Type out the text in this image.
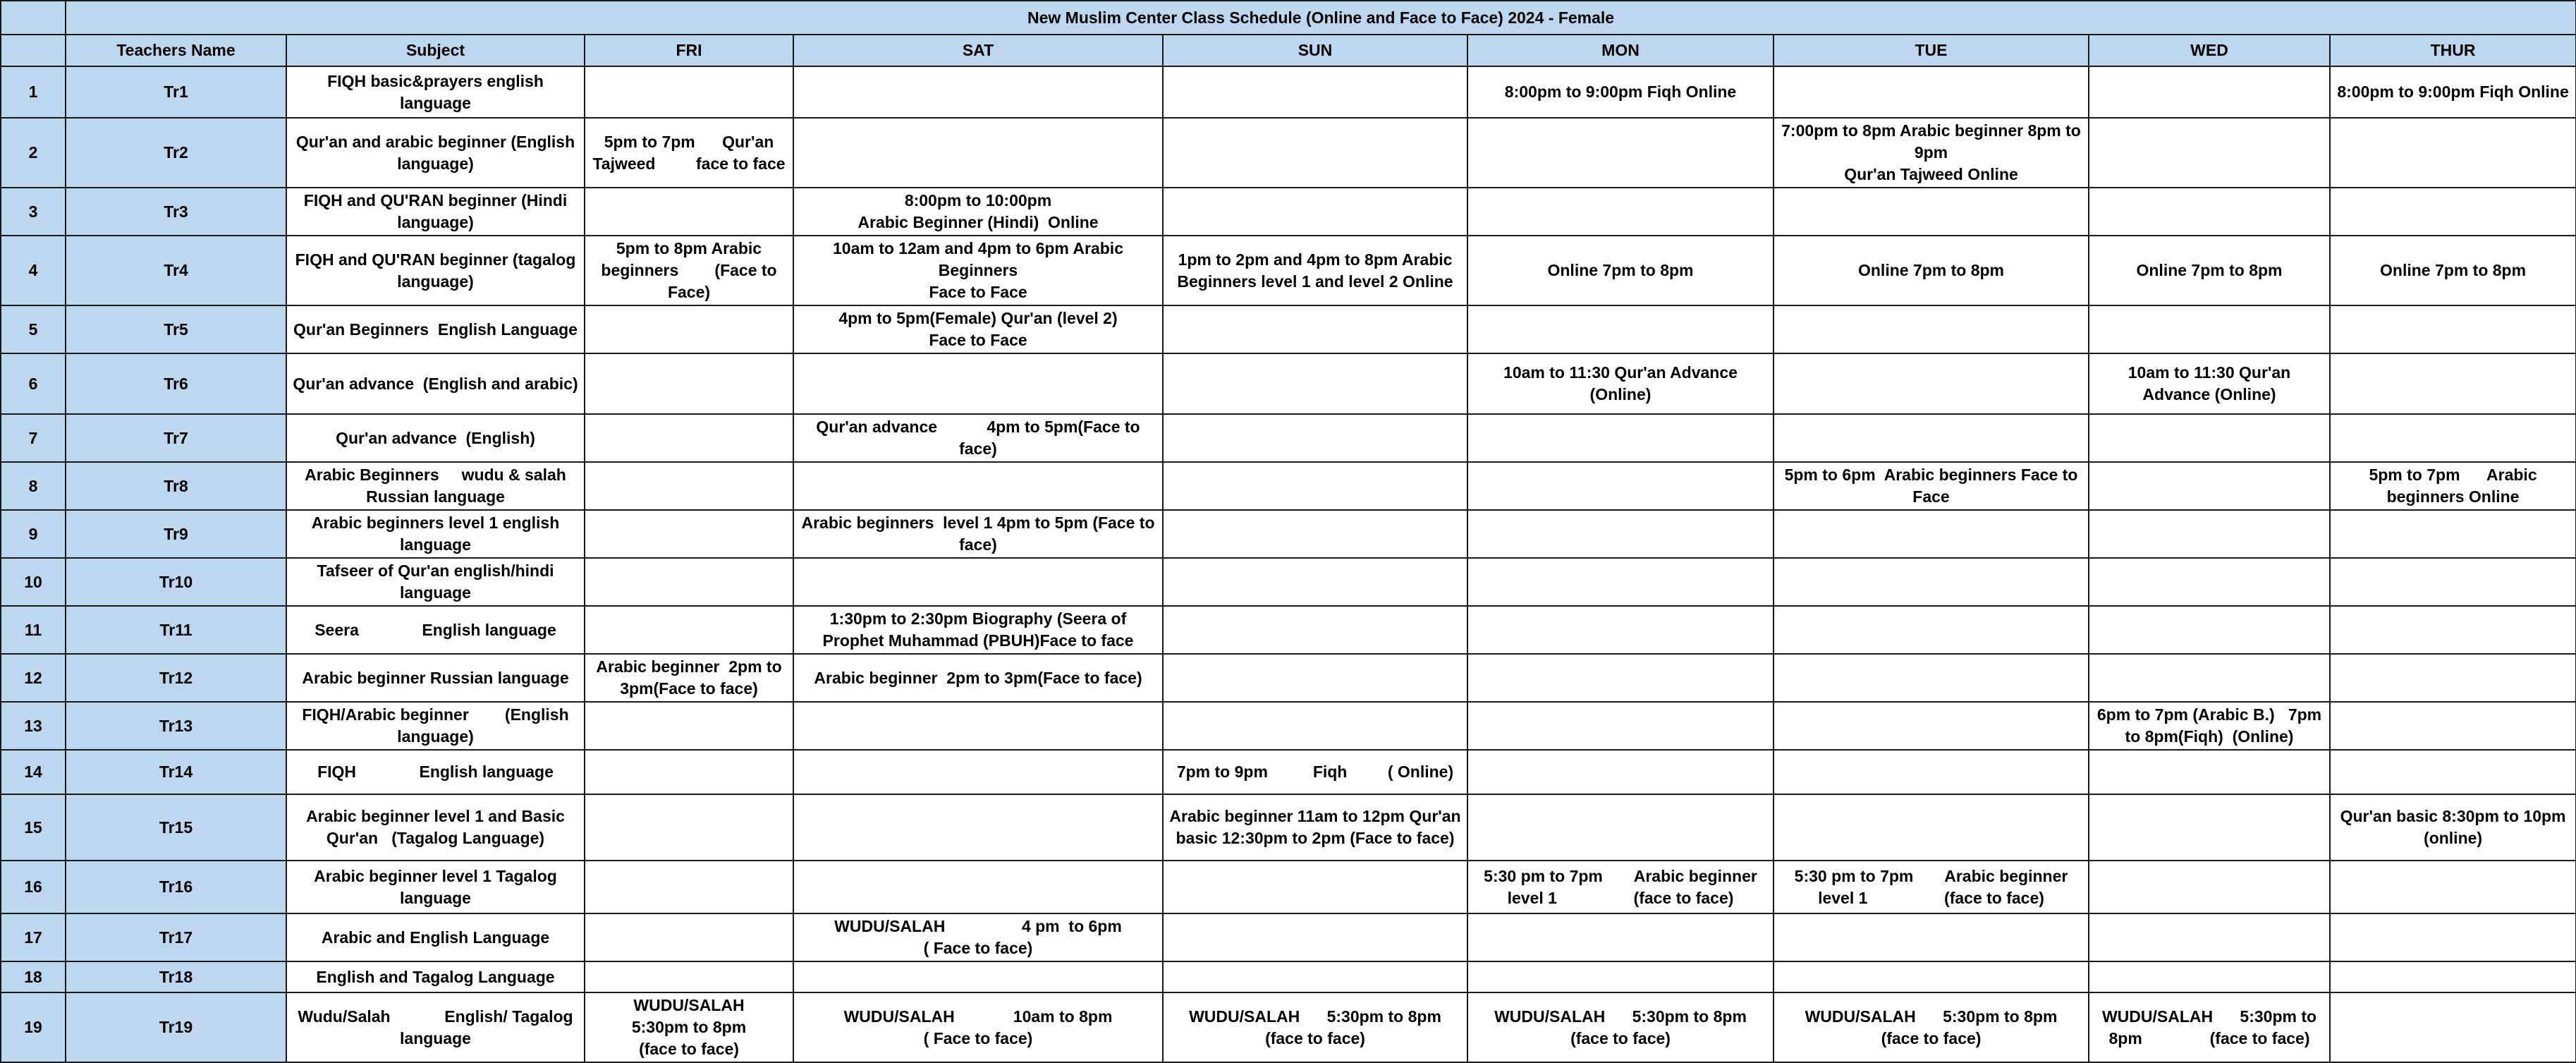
	New Muslim Center Class Schedule (Online and Face to Face) 2024 - Female								
	Teachers Name	Subject	FRI	SAT	SUN	MON	TUE	WED	THUR
1	Tr1	FIQH basic&prayers english language				8:00pm to 9:00pm Fiqh Online			8:00pm to 9:00pm Fiqh Online
2	Tr2	Qur'an and arabic beginner (English language)	5pm to 7pm      Qur'an Tajweed         face to face				7:00pm to 8pm Arabic beginner 8pm to 9pm
Qur'an Tajweed Online		
3	Tr3	FIQH and QU'RAN beginner (Hindi language)		8:00pm to 10:00pm
Arabic Beginner (Hindi)  Online					
4	Tr4	FIQH and QU'RAN beginner (tagalog language)	5pm to 8pm Arabic beginners        (Face to Face)	10am to 12am and 4pm to 6pm Arabic Beginners
Face to Face	1pm to 2pm and 4pm to 8pm Arabic Beginners level 1 and level 2 Online	Online 7pm to 8pm	Online 7pm to 8pm	Online 7pm to 8pm	Online 7pm to 8pm
5	Tr5	Qur'an Beginners  English Language		4pm to 5pm(Female) Qur'an (level 2)
Face to Face					
6	Tr6	Qur'an advance  (English and arabic)				10am to 11:30 Qur'an Advance (Online)		10am to 11:30 Qur'an Advance (Online)	
7	Tr7	Qur'an advance  (English)		Qur'an advance           4pm to 5pm(Face to face)					
8	Tr8	Arabic Beginners     wudu & salah Russian language					5pm to 6pm  Arabic beginners Face to Face		5pm to 7pm      Arabic beginners Online
9	Tr9	Arabic beginners level 1 english language		Arabic beginners  level 1 4pm to 5pm (Face to face)					
10	Tr10	Tafseer of Qur'an english/hindi language							
11	Tr11	Seera              English language		1:30pm to 2:30pm Biography (Seera of Prophet Muhammad (PBUH)Face to face					
12	Tr12	Arabic beginner Russian language	Arabic beginner  2pm to 3pm(Face to face)	Arabic beginner  2pm to 3pm(Face to face)					
13	Tr13	FIQH/Arabic beginner        (English language)						6pm to 7pm (Arabic B.)   7pm to 8pm(Fiqh)  (Online)	
14	Tr14	FIQH              English language			7pm to 9pm          Fiqh         ( Online)				
15	Tr15	Arabic beginner level 1 and Basic Qur'an   (Tagalog Language)			Arabic beginner 11am to 12pm Qur'an basic 12:30pm to 2pm (Face to face)				Qur'an basic 8:30pm to 10pm (online)
16	Tr16	Arabic beginner level 1 Tagalog language				5:30 pm to 7pm       Arabic beginner level 1                 (face to face)	5:30 pm to 7pm       Arabic beginner level 1                 (face to face)		
17	Tr17	Arabic and English Language		WUDU/SALAH                 4 pm  to 6pm
( Face to face)					
18	Tr18	English and Tagalog Language							
19	Tr19	Wudu/Salah            English/ Tagalog language	WUDU/SALAH
5:30pm to 8pm
(face to face)	WUDU/SALAH             10am to 8pm
( Face to face)	WUDU/SALAH      5:30pm to 8pm
(face to face)	WUDU/SALAH      5:30pm to 8pm
(face to face)	WUDU/SALAH      5:30pm to 8pm
(face to face)	WUDU/SALAH      5:30pm to 8pm               (face to face)	
